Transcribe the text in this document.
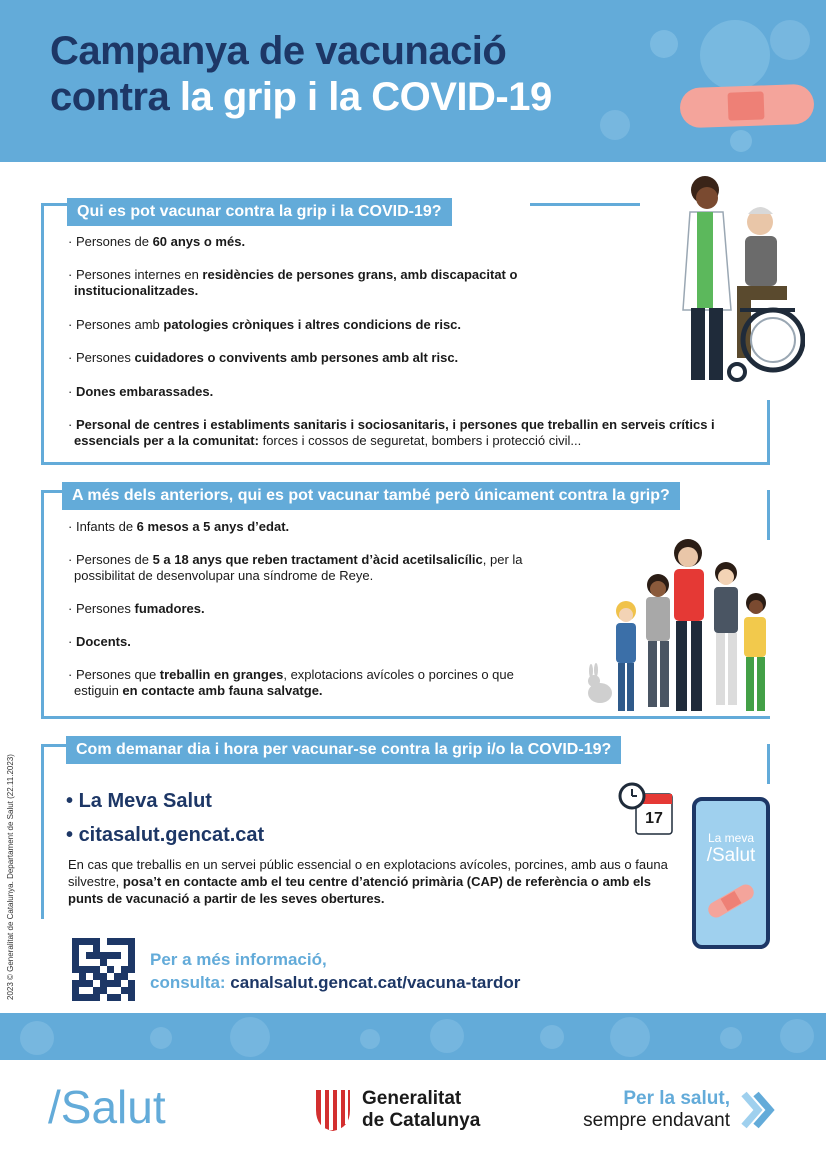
Campanya de vacunació
contra la grip i la COVID-19
Qui es pot vacunar contra la grip i la COVID-19?

· Persones de 60 anys o més.

· Persones internes en residències de persones grans, amb discapacitat o institucionalitzades.

· Persones amb patologies cròniques i altres condicions de risc.

· Persones cuidadores o convivents amb persones amb alt risc.

· Dones embarassades.

· Personal de centres i establiments sanitaris i sociosanitaris, i persones que treballin en serveis crítics i essencials per a la comunitat: forces i cossos de seguretat, bombers i protecció civil...

A més dels anteriors, qui es pot vacunar també però únicament contra la grip?

· Infants de 6 mesos a 5 anys d’edat.

· Persones de 5 a 18 anys que reben tractament d’àcid acetilsalicílic, per la possibilitat de desenvolupar una síndrome de Reye.

· Persones fumadores.

· Docents.

· Persones que treballin en granges, explotacions avícoles o porcines o que estiguin en contacte amb fauna salvatge.

Com demanar dia i hora per vacunar-se contra la grip i/o la COVID-19?
• La Meva Salut
• citasalut.gencat.cat
En cas que treballis en un servei públic essencial o en explotacions avícoles, porcines, amb aus o fauna silvestre, posa’t en contacte amb el teu centre d’atenció primària (CAP) de referència o amb els punts de vacunació a partir de les seves obertures.
17
La meva
/Salut
2023 © Generalitat de Catalunya. Departament de Salut (22.11.2023)	Per a més informació,
consulta: canalsalut.gencat.cat/vacuna-tardor
/Salut	Generalitat
de Catalunya
Per la salut,
sempre endavant
